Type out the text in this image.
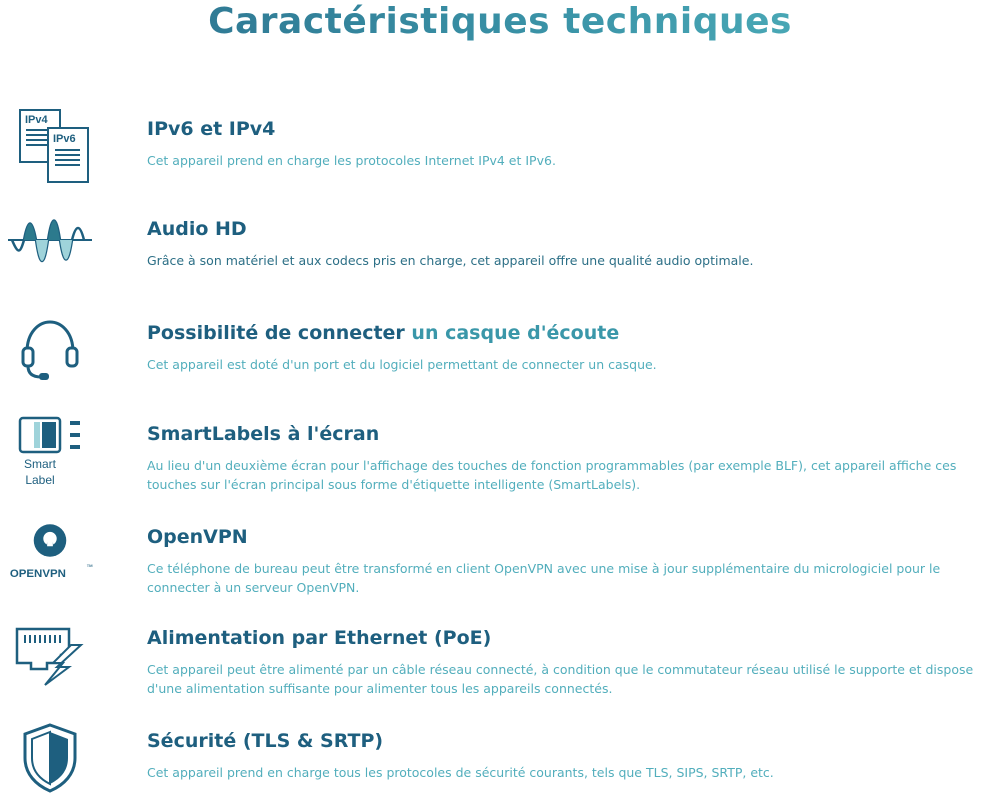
Caractéristiques techniques
IPv4
IPv6	IPv6 et IPv4

Cet appareil prend en charge les protocoles Internet IPv4 et IPv6.

Audio HD

Grâce à son matériel et aux codecs pris en charge, cet appareil offre une qualité audio optimale.

Possibilité de connecter un casque d'écoute

Cet appareil est doté d'un port et du logiciel permettant de connecter un casque.

Smart
Label
SmartLabels à l'écran

Au lieu d'un deuxième écran pour l'affichage des touches de fonction programmables (par exemple BLF), cet appareil affiche ces touches sur l'écran principal sous forme d'étiquette intelligente (SmartLabels).

OPENVPN
™
OpenVPN

Ce téléphone de bureau peut être transformé en client OpenVPN avec une mise à jour supplémentaire du micrologiciel pour le connecter à un serveur OpenVPN.

Alimentation par Ethernet (PoE)

Cet appareil peut être alimenté par un câble réseau connecté, à condition que le commutateur réseau utilisé le supporte et dispose d'une alimentation suffisante pour alimenter tous les appareils connectés.

Sécurité (TLS & SRTP)

Cet appareil prend en charge tous les protocoles de sécurité courants, tels que TLS, SIPS, SRTP, etc.
